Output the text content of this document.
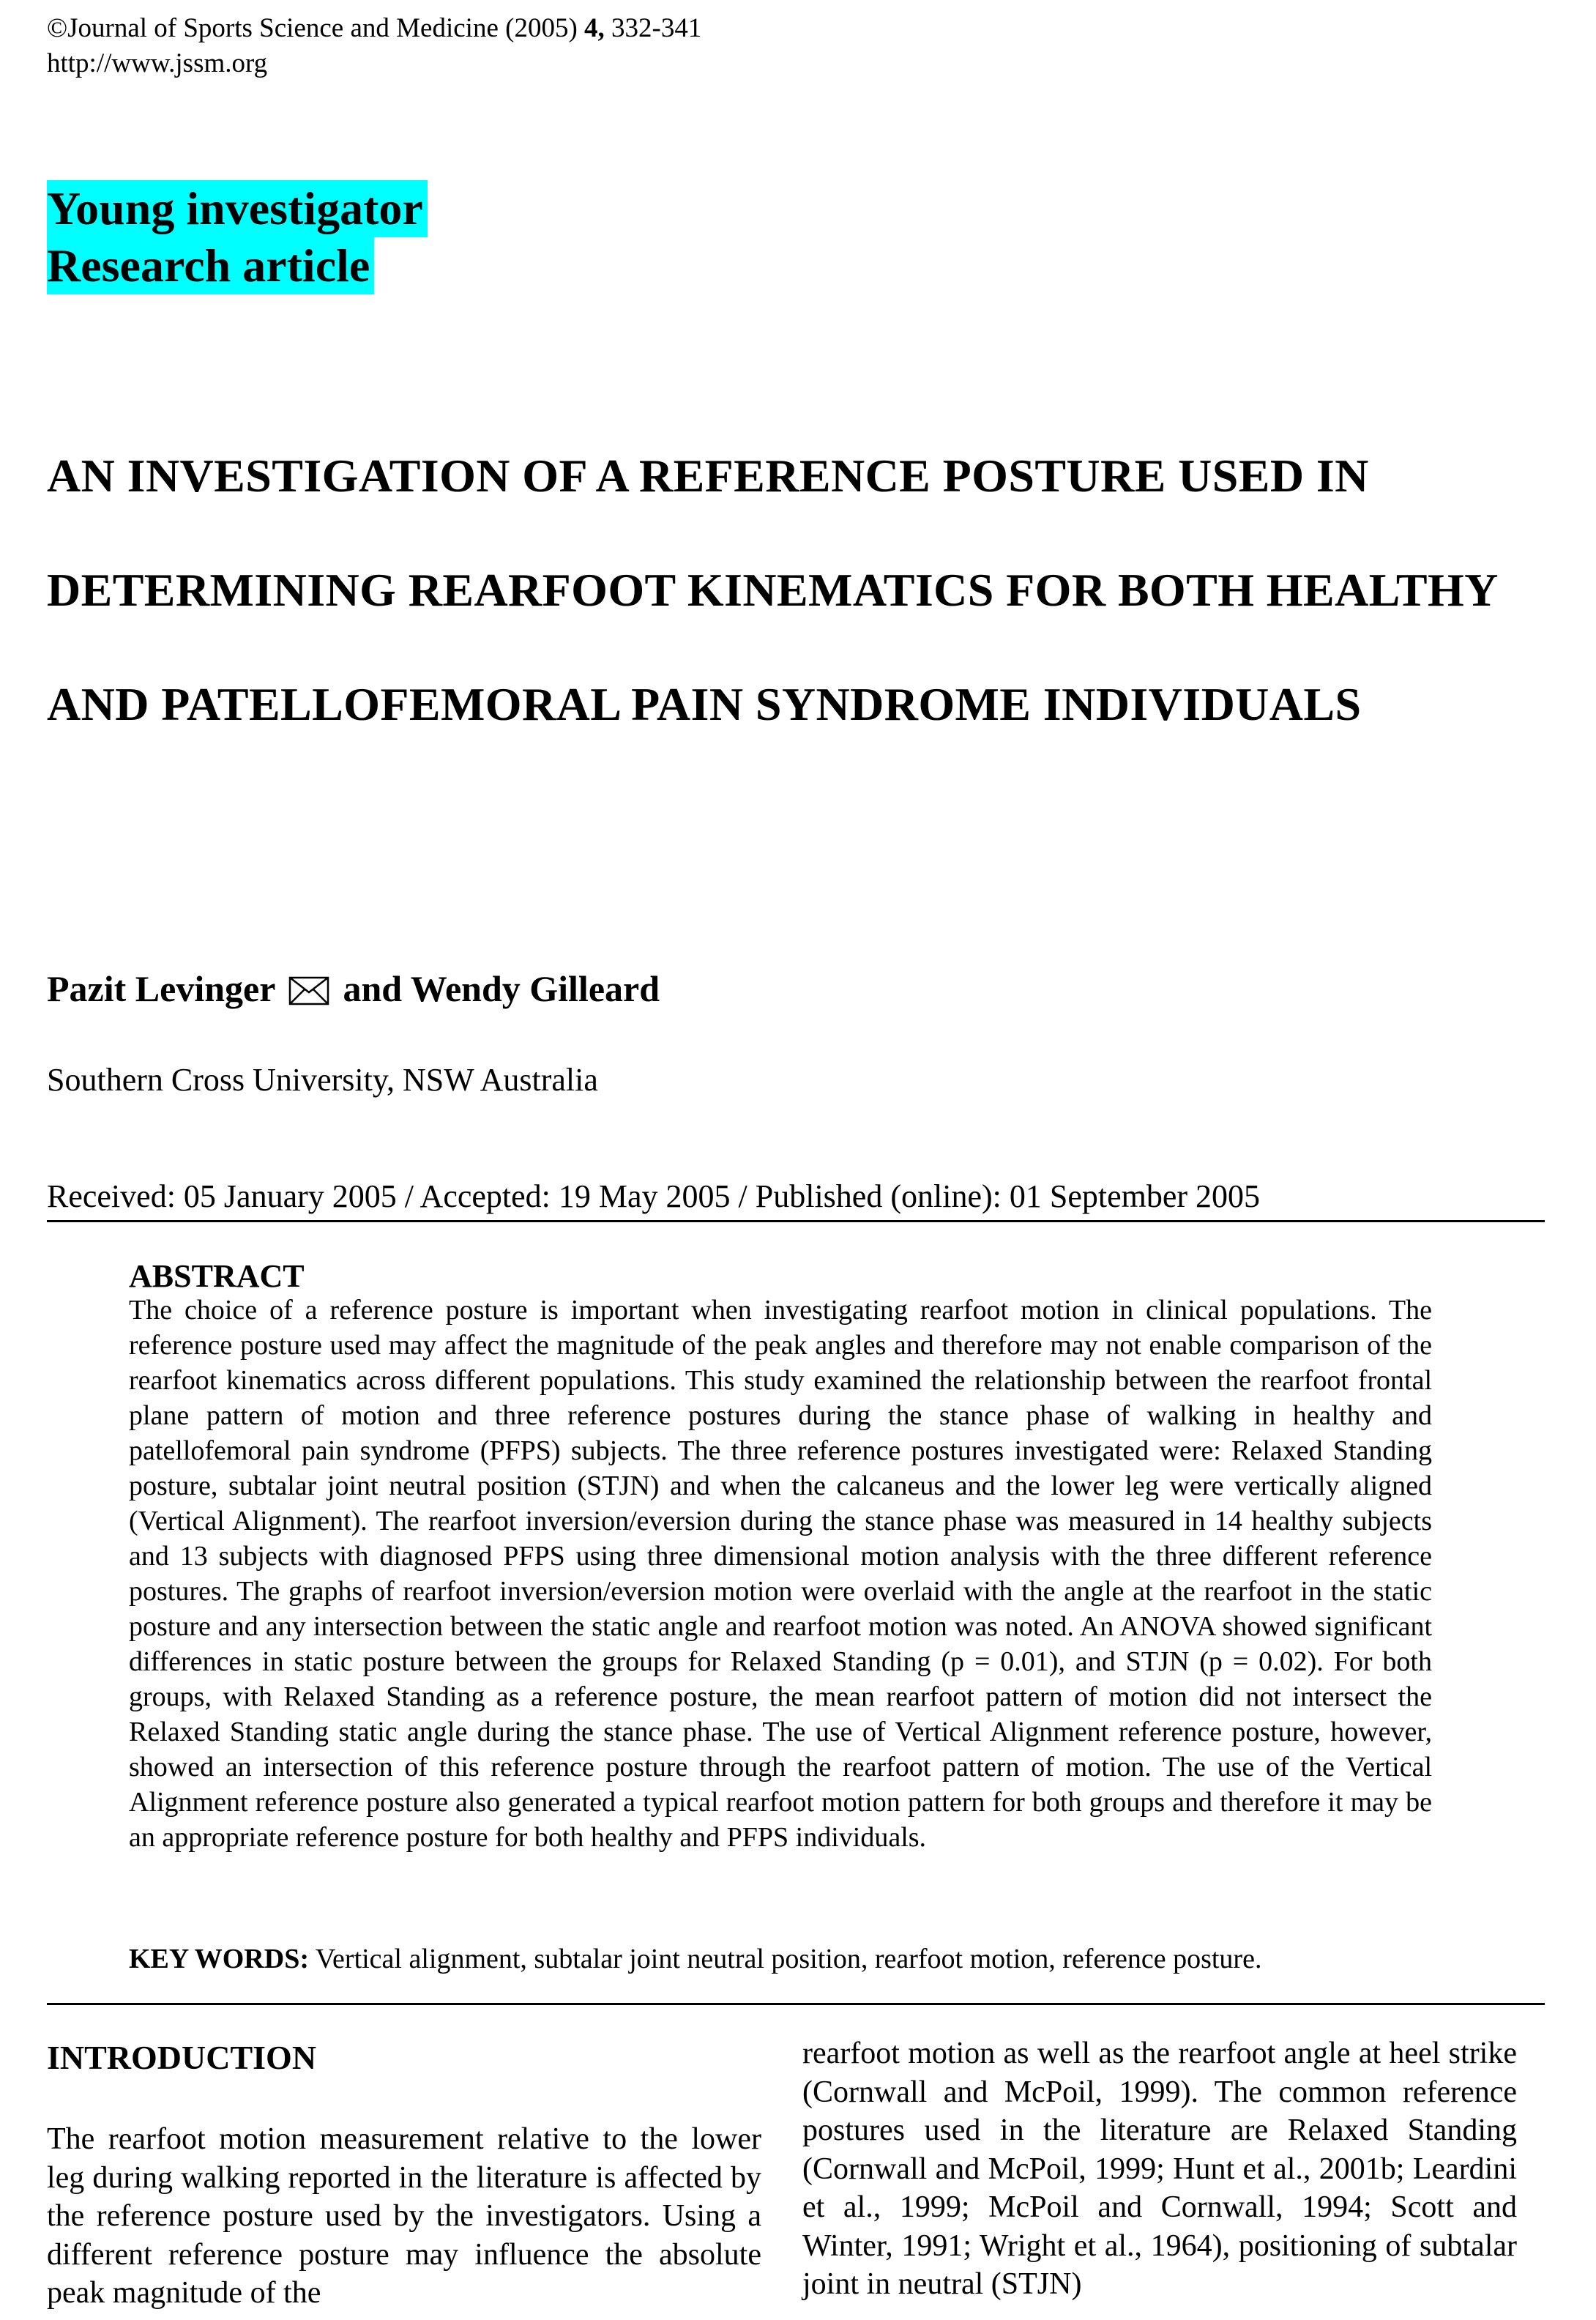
©Journal of Sports Science and Medicine (2005) 4, 332-341
http://www.jssm.org
Young investigator
Research article
AN INVESTIGATION OF A REFERENCE POSTURE USED IN DETERMINING REARFOOT KINEMATICS FOR BOTH HEALTHY AND PATELLOFEMORAL PAIN SYNDROME INDIVIDUALS
Pazit Levinger and Wendy Gilleard
Southern Cross University, NSW Australia
Received: 05 January 2005 / Accepted: 19 May 2005 / Published (online): 01 September 2005
ABSTRACT
The choice of a reference posture is important when investigating rearfoot motion in clinical populations. The reference posture used may affect the magnitude of the peak angles and therefore may not enable comparison of the rearfoot kinematics across different populations. This study examined the relationship between the rearfoot frontal plane pattern of motion and three reference postures during the stance phase of walking in healthy and patellofemoral pain syndrome (PFPS) subjects. The three reference postures investigated were: Relaxed Standing posture, subtalar joint neutral position (STJN) and when the calcaneus and the lower leg were vertically aligned (Vertical Alignment). The rearfoot inversion/eversion during the stance phase was measured in 14 healthy subjects and 13 subjects with diagnosed PFPS using three dimensional motion analysis with the three different reference postures. The graphs of rearfoot inversion/eversion motion were overlaid with the angle at the rearfoot in the static posture and any intersection between the static angle and rearfoot motion was noted. An ANOVA showed significant differences in static posture between the groups for Relaxed Standing (p = 0.01), and STJN (p = 0.02). For both groups, with Relaxed Standing as a reference posture, the mean rearfoot pattern of motion did not intersect the Relaxed Standing static angle during the stance phase. The use of Vertical Alignment reference posture, however, showed an intersection of this reference posture through the rearfoot pattern of motion. The use of the Vertical Alignment reference posture also generated a typical rearfoot motion pattern for both groups and therefore it may be an appropriate reference posture for both healthy and PFPS individuals.
KEY WORDS: Vertical alignment, subtalar joint neutral position, rearfoot motion, reference posture.
INTRODUCTION
The rearfoot motion measurement relative to the lower leg during walking reported in the literature is affected by the reference posture used by the investigators. Using a different reference posture may influence the absolute peak magnitude of the
rearfoot motion as well as the rearfoot angle at heel strike (Cornwall and McPoil, 1999). The common reference postures used in the literature are Relaxed Standing (Cornwall and McPoil, 1999; Hunt et al., 2001b; Leardini et al., 1999; McPoil and Cornwall, 1994; Scott and Winter, 1991; Wright et al., 1964), positioning of subtalar joint in neutral (STJN)
